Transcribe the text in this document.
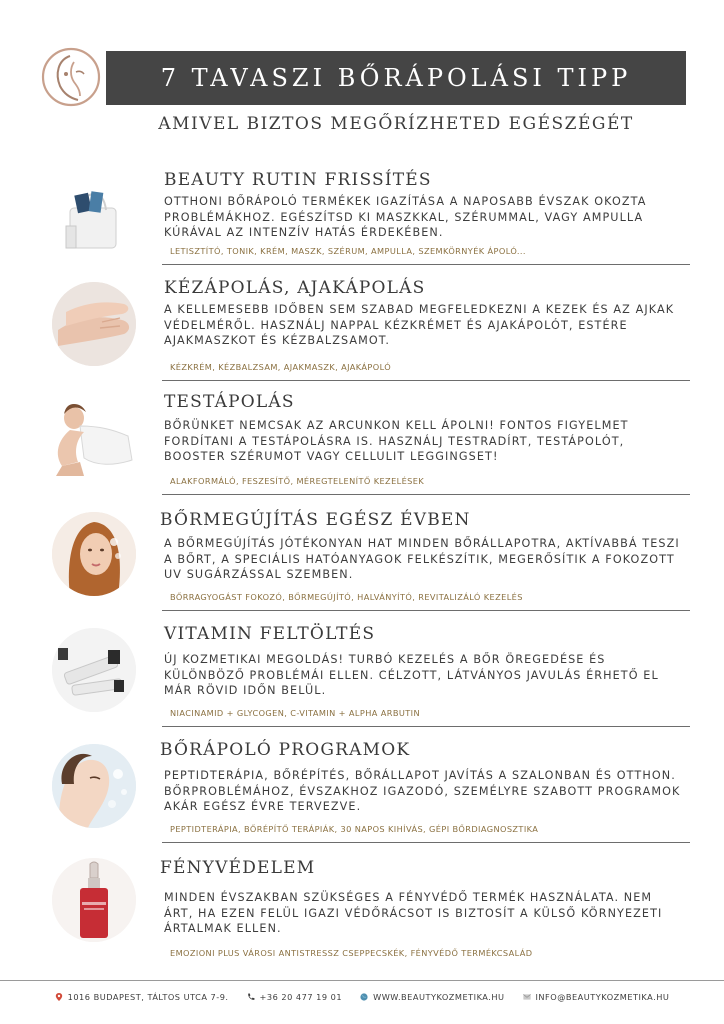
7 TAVASZI BŐRÁPOLÁSI TIPP
AMIVEL BIZTOS MEGŐRÍZHETED EGÉSZÉGÉT
BEAUTY RUTIN FRISSÍTÉS
OTTHONI BŐRÁPOLÓ TERMÉKEK IGAZÍTÁSA A NAPOSABB ÉVSZAK OKOZTA PROBLÉMÁKHOZ. EGÉSZÍTSD KI MASZKKAL, SZÉRUMMAL, VAGY AMPULLA KÚRÁVAL AZ INTENZÍV HATÁS ÉRDEKÉBEN.
LETISZTÍTÓ, TONIK, KRÉM, MASZK, SZÉRUM, AMPULLA, SZEMKÖRNYÉK ÁPOLÓ...
KÉZÁPOLÁS, AJAKÁPOLÁS
A KELLEMESEBB IDŐBEN SEM SZABAD MEGFELEDKEZNI A KEZEK ÉS AZ AJKAK VÉDELMÉRŐL. HASZNÁLJ NAPPAL KÉZKRÉMET ÉS AJAKÁPOLÓT, ESTÉRE AJAKMASZKOT ÉS KÉZBALZSAMOT.
KÉZKRÉM, KÉZBALZSAM, AJAKMASZK, AJAKÁPOLÓ
TESTÁPOLÁS
BŐRÜNKET NEMCSAK AZ ARCUNKON KELL ÁPOLNI! FONTOS FIGYELMET FORDÍTANI A TESTÁPOLÁSRA IS. HASZNÁLJ TESTRADÍRT, TESTÁPOLÓT, BOOSTER SZÉRUMOT VAGY CELLULIT LEGGINGSET!
ALAKFORMÁLÓ, FESZESÍTŐ, MÉREGTELENÍTŐ KEZELÉSEK
BŐRMEGÚJÍTÁS EGÉSZ ÉVBEN
A BŐRMEGÚJÍTÁS JÓTÉKONYAN HAT MINDEN BŐRÁLLAPOTRA, AKTÍVABBÁ TESZI A BŐRT, A SPECIÁLIS HATÓANYAGOK FELKÉSZÍTIK, MEGERŐSÍTIK A FOKOZOTT UV SUGÁRZÁSSAL SZEMBEN.
BŐRRAGYOGÁST FOKOZÓ, BŐRMEGÚJÍTÓ, HALVÁNYÍTÓ, REVITALIZÁLÓ KEZELÉS
VITAMIN FELTÖLTÉS
ÚJ KOZMETIKAI MEGOLDÁS! TURBÓ KEZELÉS A BŐR ÖREGEDÉSE ÉS KÜLÖNBÖZŐ PROBLÉMÁI ELLEN. CÉLZOTT, LÁTVÁNYOS JAVULÁS ÉRHETŐ EL MÁR RÖVID IDŐN BELÜL.
NIACINAMID + GLYCOGEN, C-VITAMIN + ALPHA ARBUTIN
BŐRÁPOLÓ PROGRAMOK
PEPTIDTERÁPIA, BŐRÉPÍTÉS, BŐRÁLLAPOT JAVÍTÁS A SZALONBAN ÉS OTTHON. BŐRPROBLÉMÁHOZ, ÉVSZAKHOZ IGAZODÓ, SZEMÉLYRE SZABOTT PROGRAMOK AKÁR EGÉSZ ÉVRE TERVEZVE.
PEPTIDTERÁPIA, BŐRÉPÍTŐ TERÁPIÁK, 30 NAPOS KIHÍVÁS, GÉPI BŐRDIAGNOSZTIKA
FÉNYVÉDELEM
MINDEN ÉVSZAKBAN SZÜKSÉGES A FÉNYVÉDŐ TERMÉK HASZNÁLATA. NEM ÁRT, HA EZEN FELÜL IGAZI VÉDŐRÁCSOT IS BIZTOSÍT A KÜLSŐ KÖRNYEZETI ÁRTALMAK ELLEN.
EMOZIONI PLUS VÁROSI ANTISTRESSZ CSEPPECSKÉK, FÉNYVÉDŐ TERMÉKCSALÁD
1016 BUDAPEST, TÁLTOS UTCA 7-9.	+36 20 477 19 01	WWW.BEAUTYKOZMETIKA.HU	INFO@BEAUTYKOZMETIKA.HU
